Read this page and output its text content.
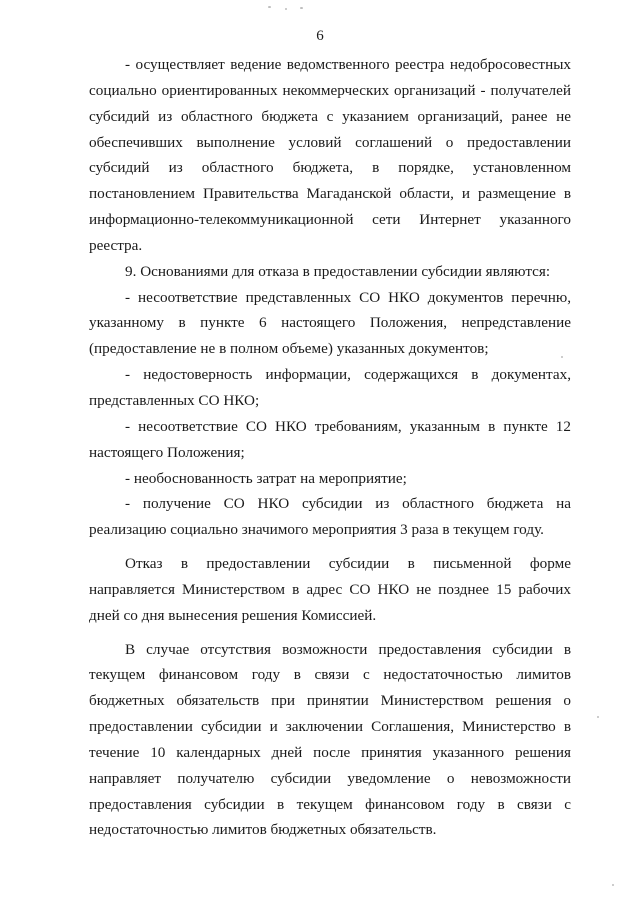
6

- осуществляет ведение ведомственного реестра недобросовестных социально ориентированных некоммерческих организаций - получателей субсидий из областного бюджета с указанием организаций, ранее не обеспечивших выполнение условий соглашений о предоставлении субсидий из областного бюджета, в порядке, установленном постановлением Правительства Магаданской области, и размещение в информационно-телекоммуникационной сети Интернет указанного реестра.

9. Основаниями для отказа в предоставлении субсидии являются:

- несоответствие представленных СО НКО документов перечню, указанному в пункте 6 настоящего Положения, непредставление (предоставление не в полном объеме) указанных документов;

- недостоверность информации, содержащихся в документах, представленных СО НКО;

- несоответствие СО НКО требованиям, указанным в пункте 12 настоящего Положения;

- необоснованность затрат на мероприятие;

- получение СО НКО субсидии из областного бюджета на реализацию социально значимого мероприятия 3 раза в текущем году.

Отказ в предоставлении субсидии в письменной форме направляется Министерством в адрес СО НКО не позднее 15 рабочих дней со дня вынесения решения Комиссией.

В случае отсутствия возможности предоставления субсидии в текущем финансовом году в связи с недостаточностью лимитов бюджетных обязательств при принятии Министерством решения о предоставлении субсидии и заключении Соглашения, Министерство в течение 10 календарных дней после принятия указанного решения направляет получателю субсидии уведомление о невозможности предоставления субсидии в текущем финансовом году в связи с недостаточностью лимитов бюджетных обязательств.
